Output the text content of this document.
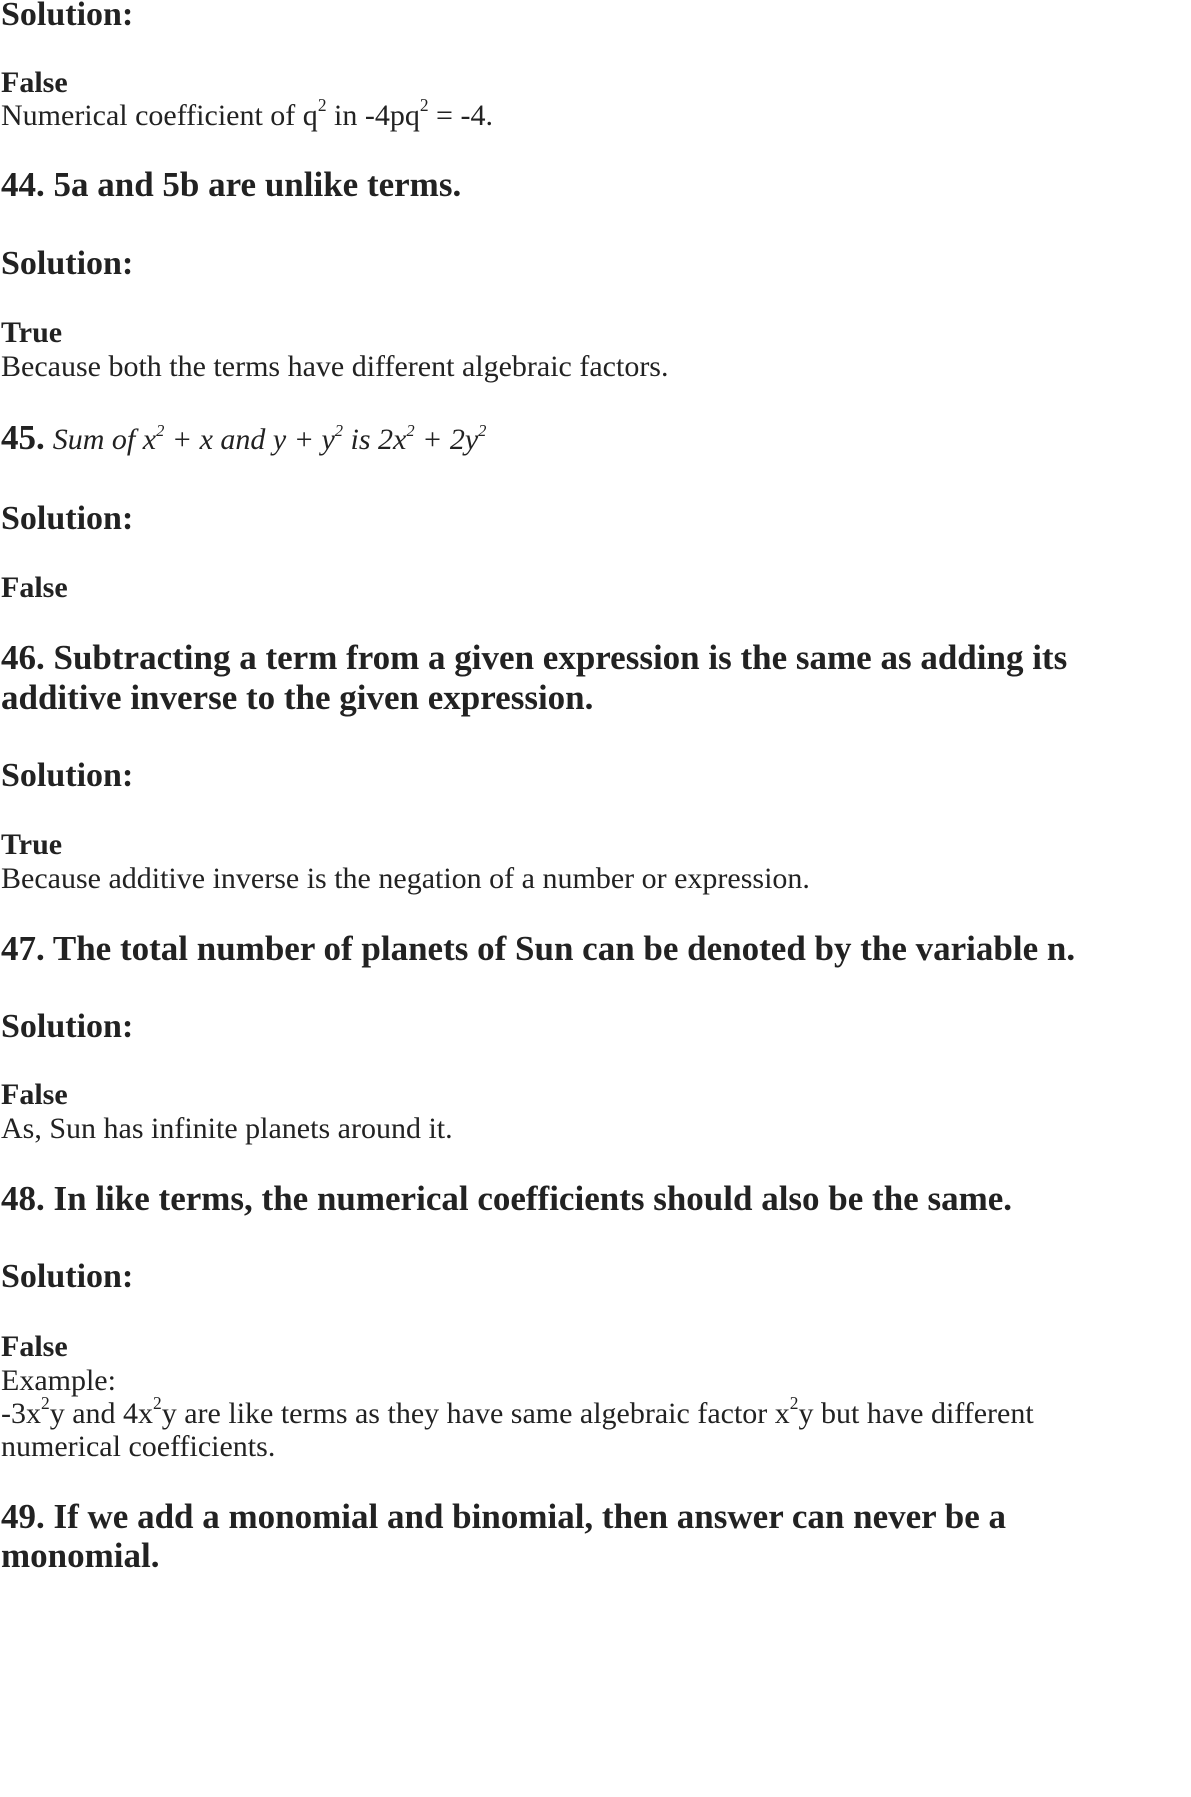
Solution:
False
Numerical coefficient of $q^2$ in $-4pq^2 = -4$.
44. 5a and 5b are unlike terms.
Solution:
True
Because both the terms have different algebraic factors.
45. Sum of $x^2 + x$ and $y + y^2$ is $2x^2 + 2y^2$
Solution:
False
46. Subtracting a term from a given expression is the same as adding its
additive inverse to the given expression.
Solution:
True
Because additive inverse is the negation of a number or expression.
47. The total number of planets of Sun can be denoted by the variable n.
Solution:
False
As, Sun has infinite planets around it.
48. In like terms, the numerical coefficients should also be the same.
Solution:
False
Example:
$-3x^2y$ and $4x^2y$ are like terms as they have same algebraic factor $x^2y$ but have different
numerical coefficients.
49. If we add a monomial and binomial, then answer can never be a
monomial.
